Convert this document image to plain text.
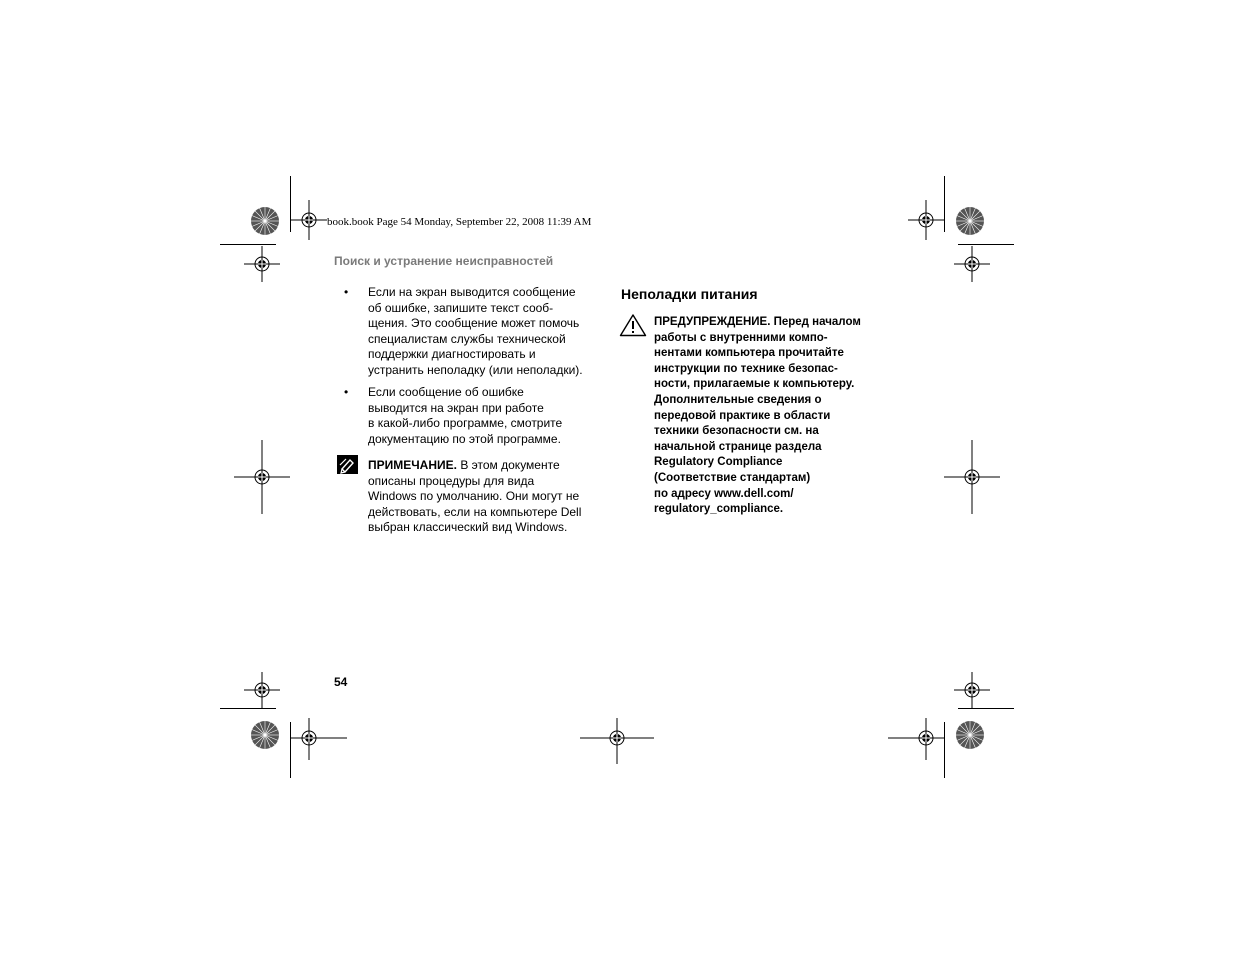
book.book Page 54 Monday, September 22, 2008 11:39 AM
Поиск и устранение неисправностей
• Если на экран выводится сообщение
об ошибке, запишите текст сооб-
щения. Это сообщение может помочь
специалистам службы технической
поддержки диагностировать и
устранить неполадку (или неполадки).
• Если сообщение об ошибке
выводится на экран при работе
в какой-либо программе, смотрите
документацию по этой программе.
ПРИМЕЧАНИЕ. В этом документе
описаны процедуры для вида
Windows по умолчанию. Они могут не
действовать, если на компьютере Dell
выбран классический вид Windows.
Неполадки питания
ПРЕДУПРЕЖДЕНИЕ. Перед началом
работы с внутренними компо-
нентами компьютера прочитайте
инструкции по технике безопас-
ности, прилагаемые к компьютеру.
Дополнительные сведения о
передовой практике в области
техники безопасности см. на
начальной странице раздела
Regulatory Compliance
(Соответствие стандартам)
по адресу www.dell.com/
regulatory_compliance.
54
